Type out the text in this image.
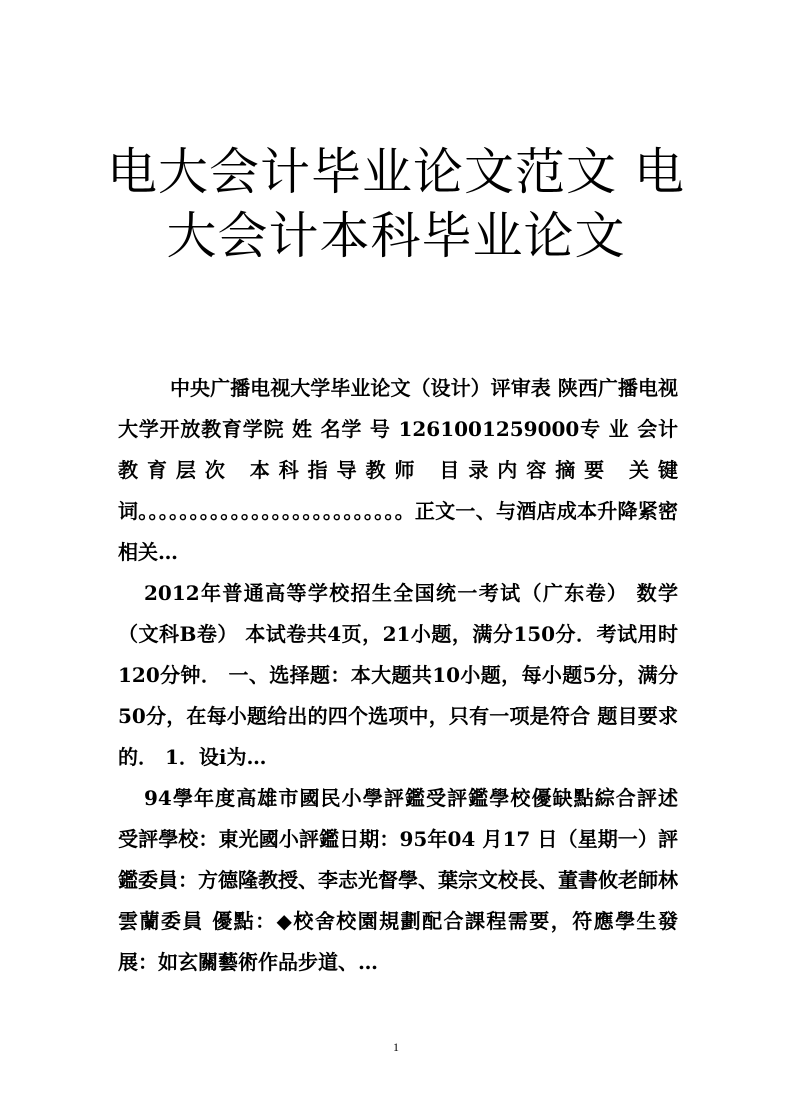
电大会计毕业论文范文 电
大会计本科毕业论文

中央广播电视大学毕业论文（设计）评审表 陕西广播电视大学开放教育学院 姓 名学 号 1261001259000专 业 会计教育层次 本科指导教师 目录内容摘要 关键词。。。。。。。。。。。。。。。。。。。。。。。。。。正文一、与酒店成本升降紧密相关…

2012年普通高等学校招生全国统一考试（广东卷） 数学（文科B卷） 本试卷共4页，21小题，满分150分．考试用时120分钟． 一、选择题：本大题共10小题，每小题5分，满分50分，在每小题给出的四个选项中，只有一项是符合 题目要求的． 1．设i为…

94學年度高雄市國民小學評鑑受評鑑學校優缺點綜合評述 受評學校：東光國小評鑑日期：95年04 月17 日（星期一）評鑑委員：方德隆教授、李志光督學、葉宗文校長、董書攸老師林雲蘭委員 優點：◆校舍校園規劃配合課程需要，符應學生發展：如玄關藝術作品步道、…

1
